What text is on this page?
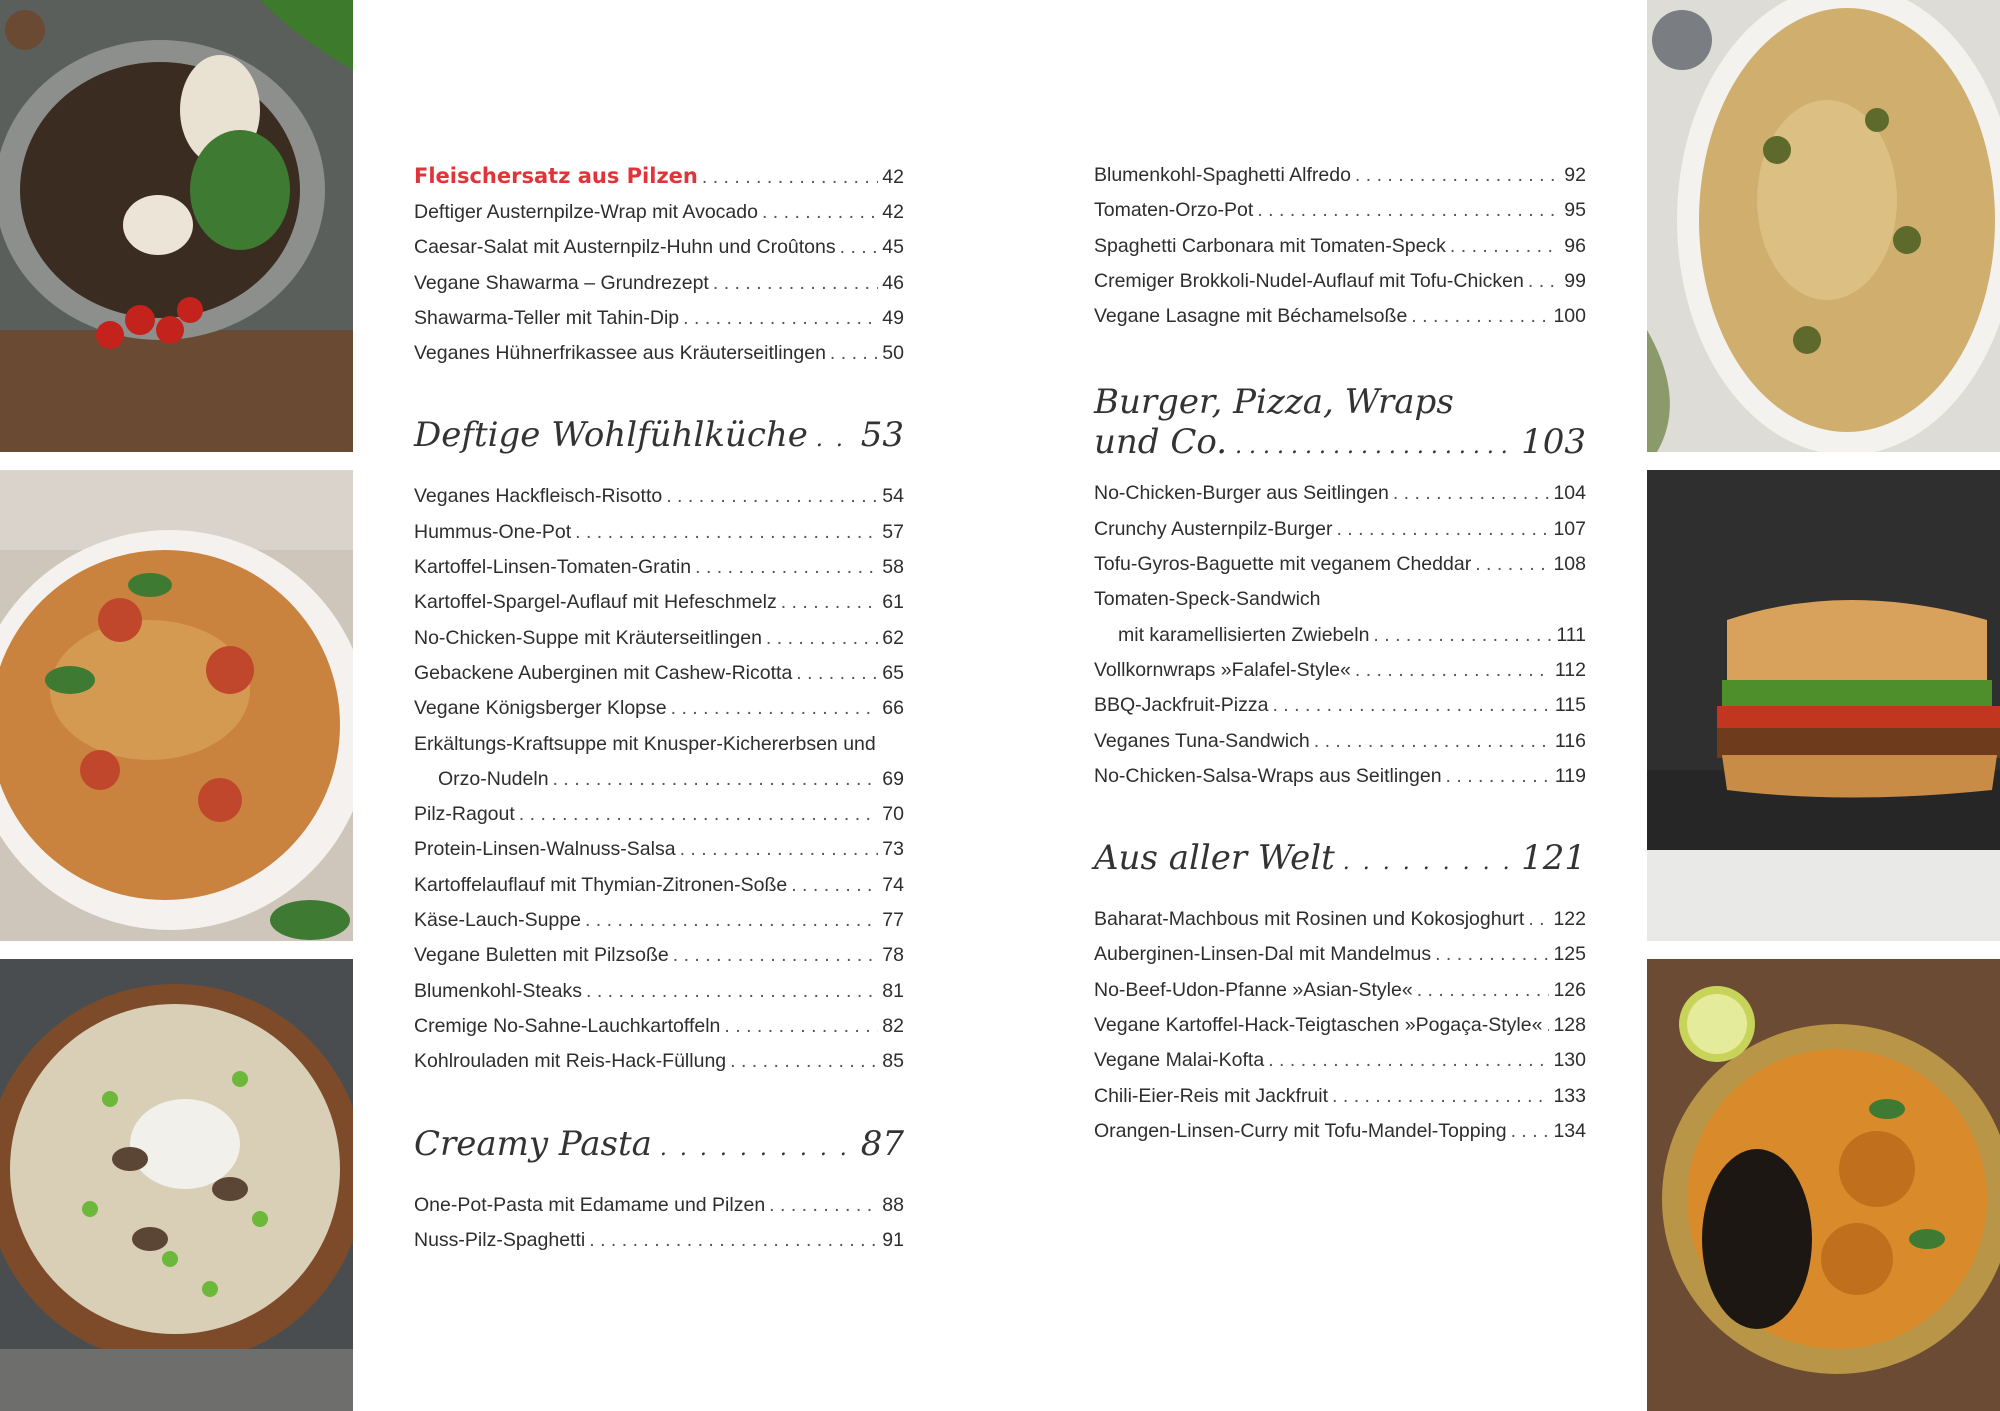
Fleischersatz aus Pilzen . . .	42
Deftiger Austernpilze-Wrap mit Avocado . . .	42
Caesar-Salat mit Austernpilz-Huhn und Croûtons . . . 45
Vegane Shawarma – Grundrezept . . .	46
Shawarma-Teller mit Tahin-Dip . . .	49
Veganes Hühnerfrikassee aus Kräuterseitlingen . . .	50
Deftige Wohlfühlküche . . . 53
Veganes Hackfleisch-Risotto . . .	54
Hummus-One-Pot . . .	57
Kartoffel-Linsen-Tomaten-Gratin . . .	58
Kartoffel-Spargel-Auflauf mit Hefeschmelz . . .	61
No-Chicken-Suppe mit Kräuterseitlingen . . .	62
Gebackene Auberginen mit Cashew-Ricotta . . .	65
Vegane Königsberger Klopse . . .	66
Erkältungs-Kraftsuppe mit Knusper-Kichererbsen und
Orzo-Nudeln . . .	69
Pilz-Ragout . . .	70
Protein-Linsen-Walnuss-Salsa . . .	73
Kartoffelauflauf mit Thymian-Zitronen-Soße . . .	74
Käse-Lauch-Suppe . . .	77
Vegane Buletten mit Pilzsoße . . .	78
Blumenkohl-Steaks . . .	81
Cremige No-Sahne-Lauchkartoffeln . . .	82
Kohlrouladen mit Reis-Hack-Füllung . . .	85
Creamy Pasta . . .	87
One-Pot-Pasta mit Edamame und Pilzen . . .	88
Nuss-Pilz-Spaghetti . . .	91
Blumenkohl-Spaghetti Alfredo . . .	92
Tomaten-Orzo-Pot . . .	95
Spaghetti Carbonara mit Tomaten-Speck . . .	96
Cremiger Brokkoli-Nudel-Auflauf mit Tofu-Chicken . . . 99
Vegane Lasagne mit Béchamelsoße . . .	100
Burger, Pizza, Wraps
und Co. . . .	103
No-Chicken-Burger aus Seitlingen . . .	104
Crunchy Austernpilz-Burger . . .	107
Tofu-Gyros-Baguette mit veganem Cheddar . . .	108
Tomaten-Speck-Sandwich
mit karamellisierten Zwiebeln . . .	111
Vollkornwraps »Falafel-Style« . . .	112
BBQ-Jackfruit-Pizza . . .	115
Veganes Tuna-Sandwich . . .	116
No-Chicken-Salsa-Wraps aus Seitlingen . . .	119
Aus aller Welt . . .	121
Baharat-Machbous mit Rosinen und Kokosjoghurt . . . 122
Auberginen-Linsen-Dal mit Mandelmus . . .	125
No-Beef-Udon-Pfanne »Asian-Style« . . .	126
Vegane Kartoffel-Hack-Teigtaschen »Pogaça-Style« . . . 128
Vegane Malai-Kofta . . .	130
Chili-Eier-Reis mit Jackfruit . . .	133
Orangen-Linsen-Curry mit Tofu-Mandel-Topping . . . 134
